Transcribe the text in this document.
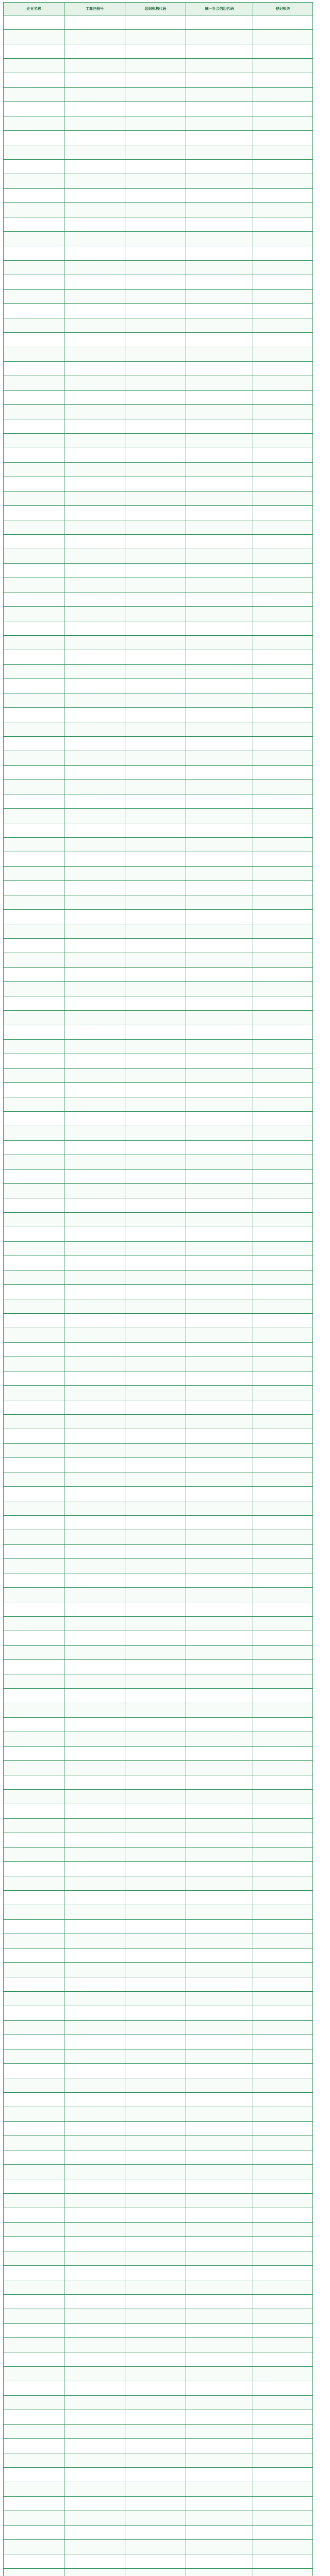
企业名称	工商注册号	组织机构代码	统一社会信用代码	登记机关
